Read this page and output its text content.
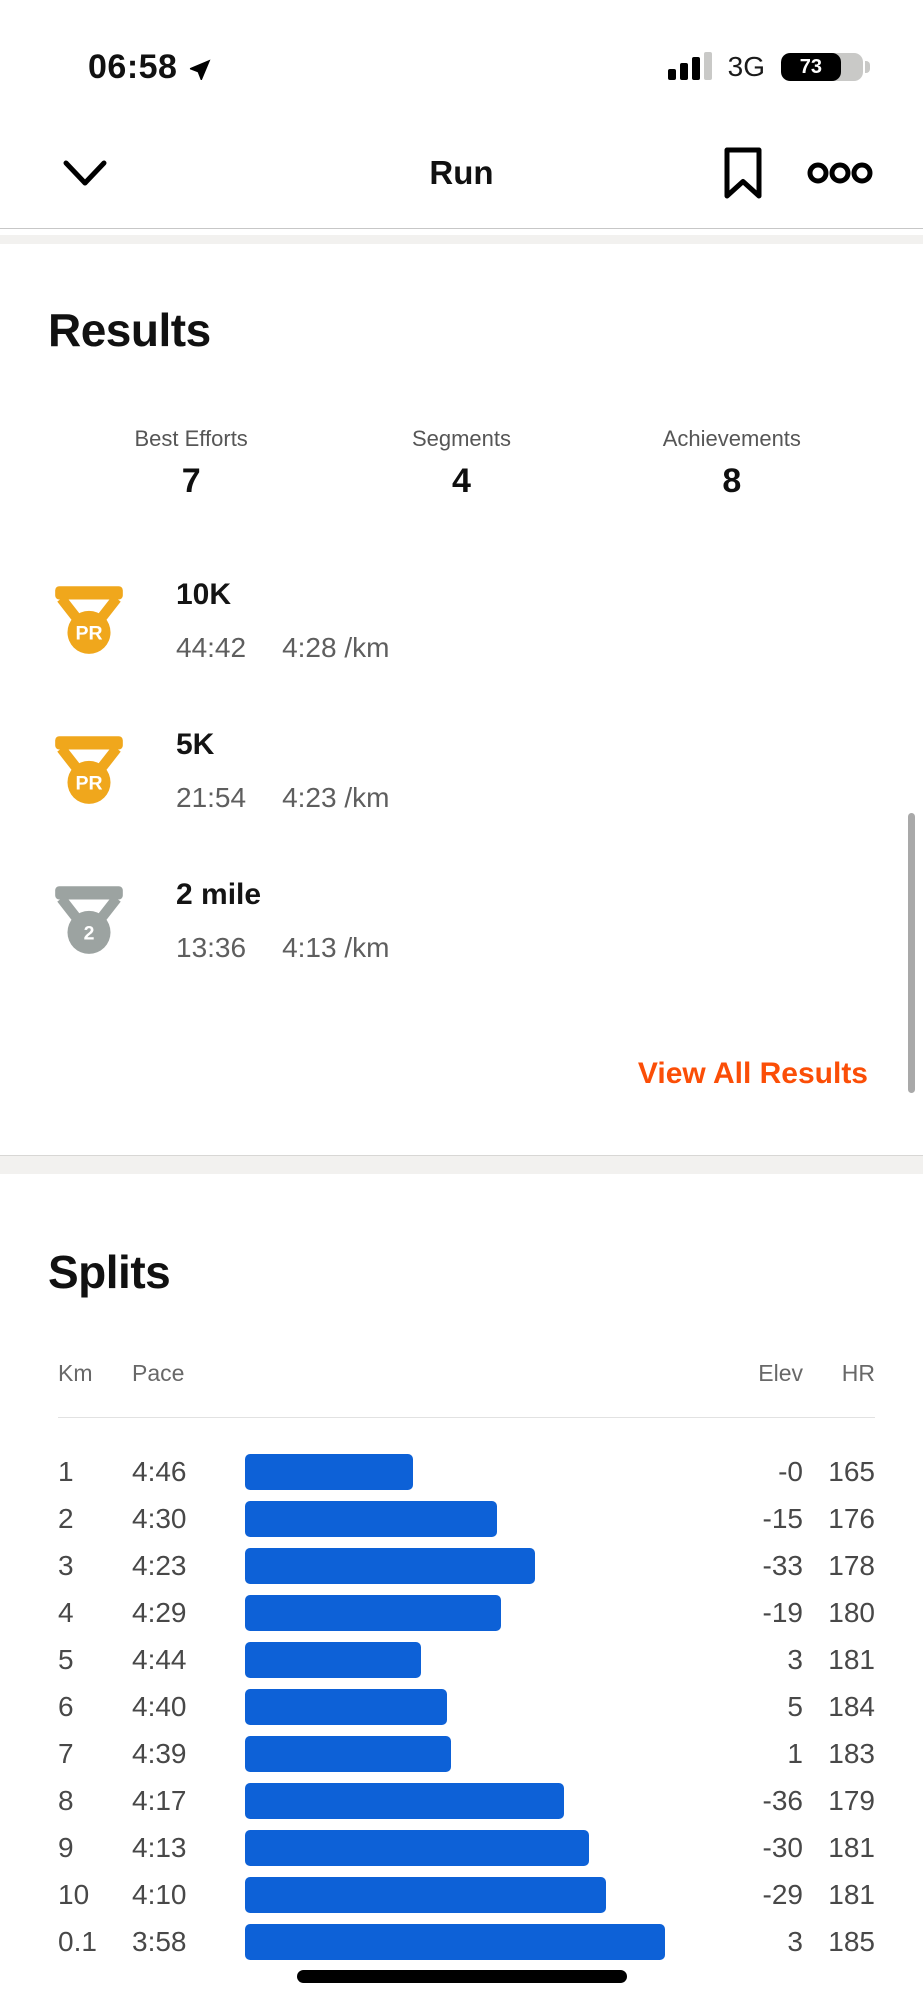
06:58	3G	73
Run
Results
Best Efforts
7
Segments
4
Achievements
8
PR
10K
44:42 4:28 /km
PR
5K
21:54 4:23 /km
2
2 mile
13:36 4:13 /km
View All Results
Splits
Km	Pace	Elev	HR
1	4:46	-0 165
2	4:30	-15 176
3	4:23	-33 178
4	4:29	-19 180
5	4:44	3 181
6	4:40	5 184
7	4:39	1 183
8	4:17	-36 179
9	4:13	-30 181
10	4:10	-29 181
0.1	3:58	3 185
